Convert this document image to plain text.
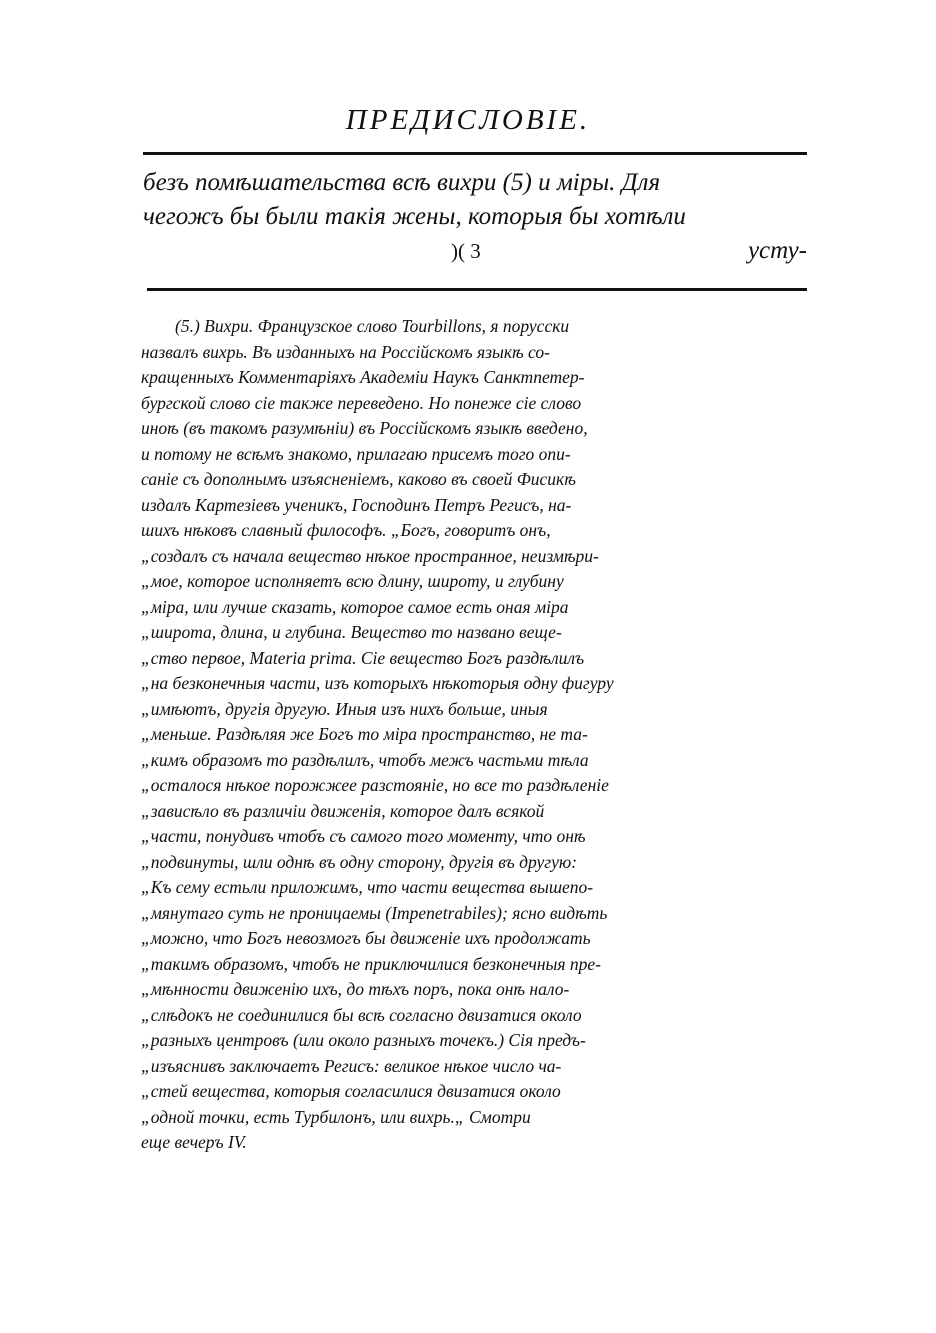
ПРЕДИСЛОВІЕ.
безъ помѣшательства всѣ вихри (5) и міры. Для
чегожъ бы были такія жены, которыя бы хотѣли
)( 3	усту-
(5.) Вихри. Французское слово Tourbillons, я порусски
назвалъ вихрь. Въ изданныхъ на Россійскомъ языкѣ со-
кращенныхъ Комментаріяхъ Академіи Наукъ Санктпетер-
бургской слово сіе также переведено. Но понеже сіе слово
иноѣ (въ такомъ разумѣніи) въ Россійскомъ языкѣ введено,
и потому не всѣмъ знакомо, прилагаю присемъ того опи-
саніе съ дополнымъ изъясненіемъ, каково въ своей Фисикѣ
издалъ Картезіевъ ученикъ, Господинъ Петръ Регисъ, на-
шихъ нѣковъ славный философъ. „Богъ, говоритъ онъ,
„создалъ съ начала вещество нѣкое пространное, неизмѣри-
„мое, которое исполняетъ всю длину, широту, и глубину
„міра, или лучше сказать, которое самое есть оная міра
„широта, длина, и глубина. Вещество то названо веще-
„ство первое, Materia prima. Сіе вещество Богъ раздѣлилъ
„на безконечныя части, изъ которыхъ нѣкоторыя одну фигуру
„имѣютъ, другія другую. Иныя изъ нихъ больше, иныя
„меньше. Раздѣляя же Богъ то міра пространство, не та-
„кимъ образомъ то раздѣлилъ, чтобъ межъ частьми тѣла
„осталося нѣкое порожжее разстояніе, но все то раздѣленіе
„зависѣло въ различіи движенія, которое далъ всякой
„части, понудивъ чтобъ съ самого того моменту, что онѣ
„подвинуты, шли однѣ въ одну сторону, другія въ другую:
„Къ сему естьли приложимъ, что части вещества вышепо-
„мянутаго суть не проницаемы (Impenetrabiles); ясно видѣть
„можно, что Богъ невозмогъ бы движеніе ихъ продолжать
„такимъ образомъ, чтобъ не приключилися безконечныя пре-
„мѣнности движенію ихъ, до тѣхъ поръ, пока онѣ нало-
„слѣдокъ не соединилися бы всѣ согласно двизатися около
„разныхъ центровъ (или около разныхъ точекъ.) Сія предъ-
„изъяснивъ заключаетъ Регисъ: великое нѣкое число ча-
„стей вещества, которыя согласилися двизатися около
„одной точки, есть Турбилонъ, или вихрь.„ Смотри
еще вечеръ IV.
